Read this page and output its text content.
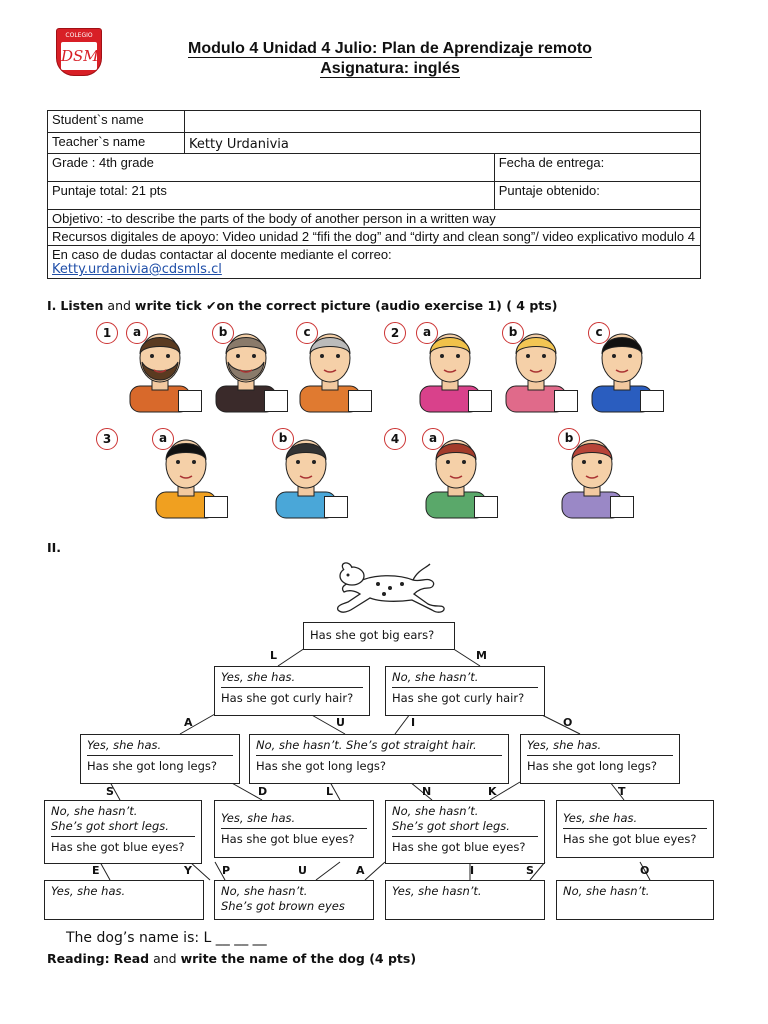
COLEGIO
DSM	Modulo 4 Unidad 4 Julio: Plan de Aprendizaje remoto
Asignatura: inglés
Student`s name		
Teacher`s name	Ketty Urdanivia	
Grade : 4th grade		Fecha de entrega:
Puntaje total: 21 pts		Puntaje obtenido:
Objetivo: -to describe the parts of the body of another person in a written way		
Recursos digitales de apoyo: Video unidad 2 “fifi the dog” and “dirty and clean song”/ video explicativo modulo 4		

En caso de dudas contactar al docente mediante el correo:
Ketty.urdanivia@cdsmls.cl		
I. Listen and write tick ✔on the correct picture (audio exercise 1) ( 4 pts)
1	a	b	c	2	a	b	c
3	a	b	4	a	b
II.
Has she got big ears?
Yes, she has.
Has she got curly hair?
No, she hasn’t.
Has she got curly hair?
Yes, she has.
Has she got long legs?
No, she hasn’t. She’s got straight hair.
Has she got long legs?
Yes, she has.
Has she got long legs?
No, she hasn’t.
She’s got short legs.
Has she got blue eyes?
Yes, she has.
Has she got blue eyes?
No, she hasn’t.
She’s got short legs.
Has she got blue eyes?
Yes, she has.
Has she got blue eyes?
Yes, she has.	No, she hasn’t.
She’s got brown eyes
Yes, she hasn’t.	No, she hasn’t.
L	M
A	U	I	O
S	D	L	N	K	T
E	Y	P	U	A	I	S	O
The dog’s name is: L __ __ __
Reading: Read and write the name of the dog (4 pts)
